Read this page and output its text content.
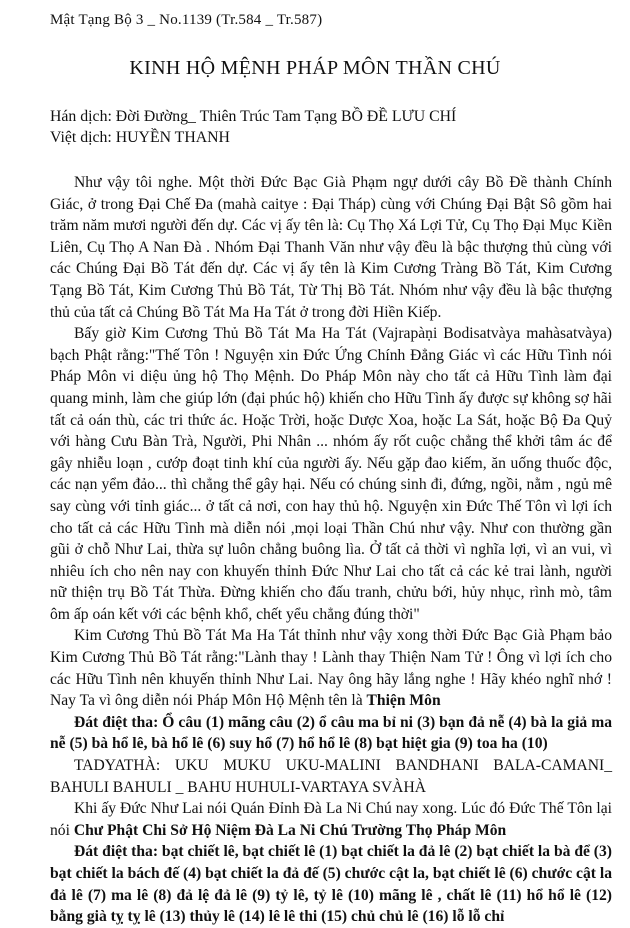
Mật Tạng Bộ 3 _ No.1139 (Tr.584 _ Tr.587)
KINH HỘ MỆNH PHÁP MÔN THẦN CHÚ
Hán dịch: Đời Đường_ Thiên Trúc Tam Tạng BỒ ĐỀ LƯU CHÍ
Việt dịch: HUYỀN THANH

Như vậy tôi nghe. Một thời Đức Bạc Già Phạm ngự dưới cây Bồ Đề thành Chính Giác, ở trong Đại Chế Đa (mahà caitye : Đại Tháp) cùng với Chúng Đại Bật Sô gồm hai trăm năm mươi người đến dự. Các vị ấy tên là: Cụ Thọ Xá Lợi Tử, Cụ Thọ Đại Mục Kiền Liên, Cụ Thọ A Nan Đà . Nhóm Đại Thanh Văn như vậy đều là bậc thượng thủ cùng với các Chúng Đại Bồ Tát đến dự. Các vị ấy tên là Kim Cương Tràng Bồ Tát, Kim Cương Tạng Bồ Tát, Kim Cương Thủ Bồ Tát, Từ Thị Bồ Tát. Nhóm như vậy đều là bậc thượng thủ của tất cả Chúng Bồ Tát Ma Ha Tát ở trong đời Hiền Kiếp.

Bấy giờ Kim Cương Thủ Bồ Tát Ma Ha Tát (Vajrapàṇi Bodisatvàya mahàsatvàya) bạch Phật rằng:"Thế Tôn ! Nguyện xin Đức Ứng Chính Đẳng Giác vì các Hữu Tình nói Pháp Môn vi diệu ủng hộ Thọ Mệnh. Do Pháp Môn này cho tất cả Hữu Tình làm đại quang minh, làm che giúp lớn (đại phúc hộ) khiến cho Hữu Tình ấy được sự không sợ hãi tất cả oán thù, các tri thức ác. Hoặc Trời, hoặc Dược Xoa, hoặc La Sát, hoặc Bộ Đa Quỷ với hàng Cưu Bàn Trà, Người, Phi Nhân ... nhóm ấy rốt cuộc chẳng thể khởi tâm ác để gây nhiễu loạn , cướp đoạt tinh khí của người ấy. Nếu gặp đao kiếm, ăn uống thuốc độc, các nạn yểm đảo... thì chẳng thể gây hại. Nếu có chúng sinh đi, đứng, ngồi, nằm , ngủ mê say cùng với tỉnh giác... ở tất cả nơi, con hay thủ hộ. Nguyện xin Đức Thế Tôn vì lợi ích cho tất cả các Hữu Tình mà diễn nói ,mọi loại Thần Chú như vậy. Như con thường gần gũi ở chỗ Như Lai, thừa sự luôn chẳng buông lìa. Ở tất cả thời vì nghĩa lợi, vì an vui, vì nhiêu ích cho nên nay con khuyến thỉnh Đức Như Lai cho tất cả các kẻ trai lành, người nữ thiện trụ Bồ Tát Thừa. Đừng khiến cho đấu tranh, chửu bới, hủy nhục, rình mò, tâm ôm ấp oán kết với các bệnh khổ, chết yểu chẳng đúng thời"

Kim Cương Thủ Bồ Tát Ma Ha Tát thỉnh như vậy xong thời Đức Bạc Già Phạm bảo Kim Cương Thủ Bồ Tát rằng:"Lành thay ! Lành thay Thiện Nam Tử ! Ông vì lợi ích cho các Hữu Tình nên khuyến thỉnh Như Lai. Nay ông hãy lắng nghe ! Hãy khéo nghĩ nhớ ! Nay Ta vì ông diễn nói Pháp Môn Hộ Mệnh tên là Thiện Môn

Đát điệt tha: Ổ câu (1) mãng câu (2) ổ câu ma bỉ ni (3) bạn đả nễ (4) bà la giả ma nễ (5) bà hổ lê, bà hổ lê (6) suy hổ (7) hổ hổ lê (8) bạt hiệt gia (9) toa ha (10)

TADYATHÀ: UKU MUKU UKU-MALINI BANDHANI BALA-CAMANI_ BAHULI BAHULI _ BAHU HUHULI-VARTAYA SVÀHÀ

Khi ấy Đức Như Lai nói Quán Đỉnh Đà La Ni Chú nay xong. Lúc đó Đức Thế Tôn lại nói Chư Phật Chi Sở Hộ Niệm Đà La Ni Chú Trường Thọ Pháp Môn

Đát điệt tha: bạt chiết lê, bạt chiết lê (1) bạt chiết la đả lê (2) bạt chiết la bà để (3) bạt chiết la bách đế (4) bạt chiết la đả đế (5) chước cật la, bạt chiết lê (6) chước cật la đả lê (7) ma lê (8) đả lệ đả lê (9) tỷ lê, tỷ lê (10) mãng lê , chất lê (11) hổ hổ lê (12) bằng già tỵ tỵ lê (13) thủy lê (14) lê lê thi (15) chủ chủ lê (16) lỗ lỗ chỉ
